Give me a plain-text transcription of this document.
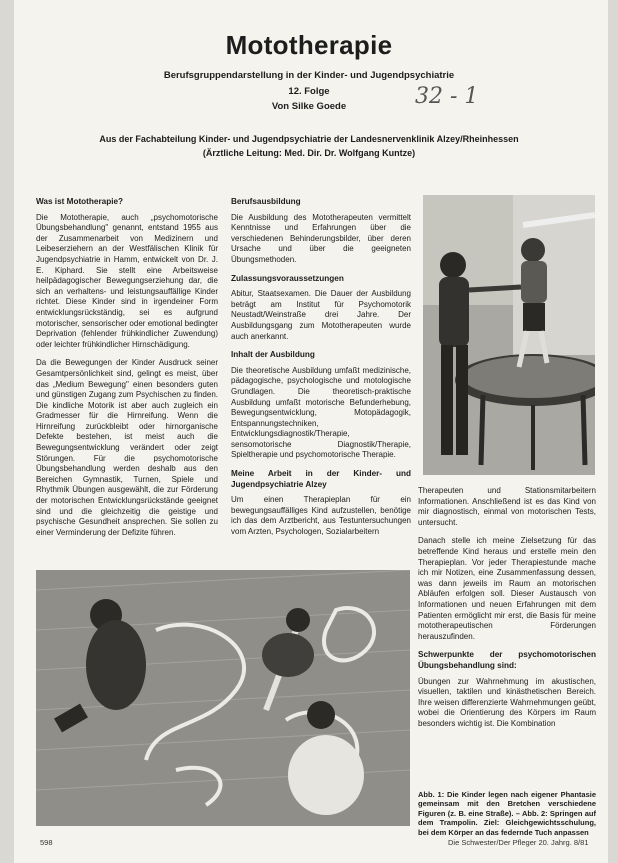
Mototherapie
Berufsgruppendarstellung in der Kinder- und Jugendpsychiatrie
12. Folge
Von Silke Goede	32 - 1
Aus der Fachabteilung Kinder- und Jugendpsychiatrie der Landesnervenklinik Alzey/Rheinhessen
(Ärztliche Leitung: Med. Dir. Dr. Wolfgang Kuntze)
Was ist Mototherapie?

Die Mototherapie, auch „psychomotorische Übungsbehandlung" genannt, entstand 1955 aus der Zusammenarbeit von Medizinern und Leibeserziehern an der Westfälischen Klinik für Jugendpsychiatrie in Hamm, entwickelt von Dr. J. E. Kiphard. Sie stellt eine Arbeitsweise heilpädagogischer Bewegungserziehung dar, die sich an verhaltens- und leistungsauffällige Kinder richtet. Diese Kinder sind in irgendeiner Form entwicklungsrückständig, sei es aufgrund motorischer, sensorischer oder emotional bedingter Deprivation (fehlender frühkindlicher Zuwendung) oder leichter frühkindlicher Hirnschädigung.

Da die Bewegungen der Kinder Ausdruck seiner Gesamtpersönlichkeit sind, gelingt es meist, über das „Medium Bewegung" einen besonders guten und günstigen Zugang zum Psychischen zu finden. Die kindliche Motorik ist aber auch zugleich ein Gradmesser für die Hirnreifung. Wenn die Hirnreifung zurückbleibt oder hirnorganische Defekte bestehen, ist meist auch die Bewegungsentwicklung verändert oder zeigt Störungen. Für die psychomotorische Übungsbehandlung werden deshalb aus den Bereichen Gymnastik, Turnen, Spiele und Rhythmik Übungen ausgewählt, die zur Förderung der motorischen Entwicklungsrückstände geeignet sind und die gleichzeitig die geistige und psychische Gesundheit ansprechen. Sie sollen zu einer Verminderung der Defizite führen.

Berufsausbildung

Die Ausbildung des Mototherapeuten vermittelt Kenntnisse und Erfahrungen über die verschiedenen Behinderungsbilder, über deren Ursache und über die geeigneten Übungsmethoden.

Zulassungsvoraussetzungen

Abitur, Staatsexamen. Die Dauer der Ausbildung beträgt am Institut für Psychomotorik Neustadt/Weinstraße drei Jahre. Der Ausbildungsgang zum Mototherapeuten wurde auch anerkannt.

Inhalt der Ausbildung

Die theoretische Ausbildung umfaßt medizinische, pädagogische, psychologische und motologische Grundlagen. Die theoretisch-praktische Ausbildung umfaßt motorische Befunderhebung, Bewegungsentwicklung, Motopädagogik, Entspannungstechniken, Entwicklungsdiagnostik/Therapie, sensomotorische Diagnostik/Therapie, Spieltherapie und psychomotorische Therapie.

Meine Arbeit in der Kinder- und Jugendpsychiatrie Alzey

Um einen Therapieplan für ein bewegungsauffälliges Kind aufzustellen, benötige ich das dem Arztbericht, aus Testuntersuchungen vom Arzten, Psychologen, Sozialarbeitern

Therapeuten und Stationsmitarbeitern Informationen. Anschließend ist es das Kind von mir diagnostisch, einmal von motorischen Tests, untersucht.

Danach stelle ich meine Zielsetzung für das betreffende Kind heraus und erstelle mein den Therapieplan. Vor jeder Therapiestunde mache ich mir Notizen, eine Zusammenfassung dessen, was dann jeweils im Raum an motorischen Abläufen erfolgen soll. Dieser Austausch von Informationen und neuen Erfahrungen mit dem Patienten ermöglicht mir erst, die Basis für meine mototherapeutischen Förderungen herauszufinden.

Schwerpunkte der psychomotorischen Übungsbehandlung sind:

Übungen zur Wahrnehmung im akustischen, visuellen, taktilen und kinästhetischen Bereich. Ihre weisen differenzierte Wahrnehmungen geübt, wobei die Orientierung des Körpers im Raum besonders wichtig ist. Die Kombination

Abb. 1: Die Kinder legen nach eigener Phantasie gemeinsam mit den Bretchen verschiedene Figuren (z. B. eine Straße). – Abb. 2: Springen auf dem Trampolin. Ziel: Gleichgewichtsschulung, bei dem Körper an das federnde Tuch anpassen
598	Die Schwester/Der Pfleger 20. Jahrg. 8/81
